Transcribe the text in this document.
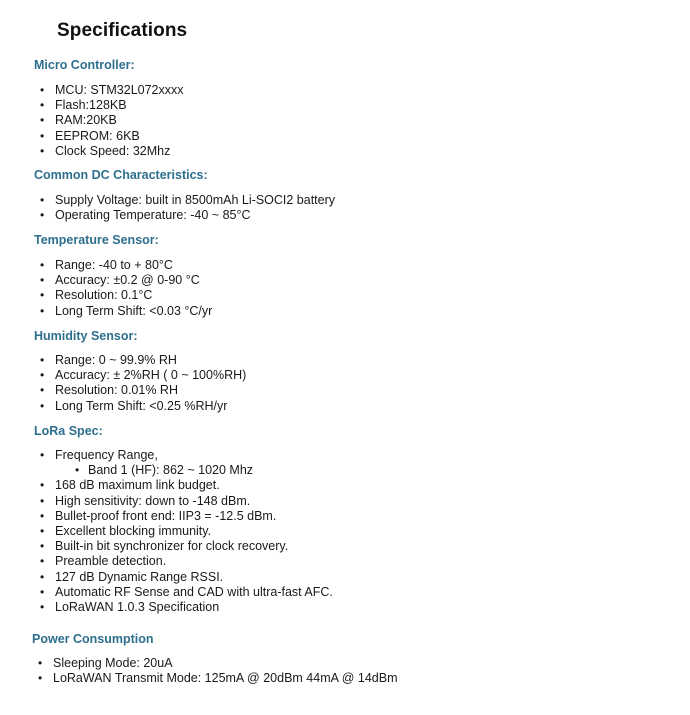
Specifications
Micro Controller:
• MCU: STM32L072xxxx
• Flash:128KB
• RAM:20KB
• EEPROM: 6KB
• Clock Speed: 32Mhz
Common DC Characteristics:
• Supply Voltage: built in 8500mAh Li-SOCI2 battery
• Operating Temperature: -40 ~ 85°C
Temperature Sensor:
• Range: -40 to + 80°C
• Accuracy: ±0.2 @ 0-90 °C
• Resolution: 0.1°C
• Long Term Shift: <0.03 °C/yr
Humidity Sensor:
• Range: 0 ~ 99.9% RH
• Accuracy: ± 2%RH ( 0 ~ 100%RH)
• Resolution: 0.01% RH
• Long Term Shift: <0.25 %RH/yr
LoRa Spec:
• Frequency Range,
• Band 1 (HF): 862 ~ 1020 Mhz
• 168 dB maximum link budget.
• High sensitivity: down to -148 dBm.
• Bullet-proof front end: IIP3 = -12.5 dBm.
• Excellent blocking immunity.
• Built-in bit synchronizer for clock recovery.
• Preamble detection.
• 127 dB Dynamic Range RSSI.
• Automatic RF Sense and CAD with ultra-fast AFC.
• LoRaWAN 1.0.3 Specification
Power Consumption
• Sleeping Mode: 20uA
• LoRaWAN Transmit Mode: 125mA @ 20dBm 44mA @ 14dBm
